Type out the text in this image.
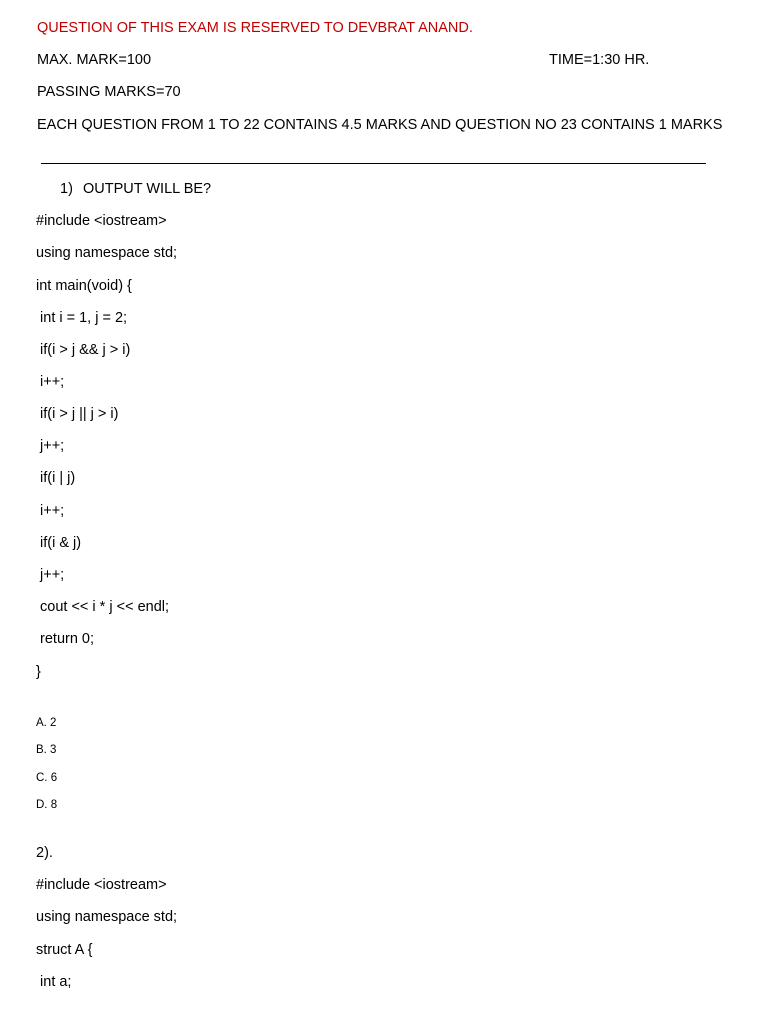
QUESTION OF THIS EXAM IS RESERVED TO DEVBRAT ANAND.
MAX. MARK=100	TIME=1:30 HR.
PASSING MARKS=70
EACH QUESTION FROM 1 TO 22 CONTAINS 4.5 MARKS AND QUESTION NO 23 CONTAINS 1 MARKS
1) OUTPUT WILL BE?
#include <iostream>
using namespace std;
int main(void) {
int i = 1, j = 2;
if(i > j && j > i)
i++;
if(i > j || j > i)
j++;
if(i | j)
i++;
if(i & j)
j++;
cout << i * j << endl;
return 0;
}
A. 2
B. 3
C. 6
D. 8
2).
#include <iostream>
using namespace std;
struct A {
int a;
